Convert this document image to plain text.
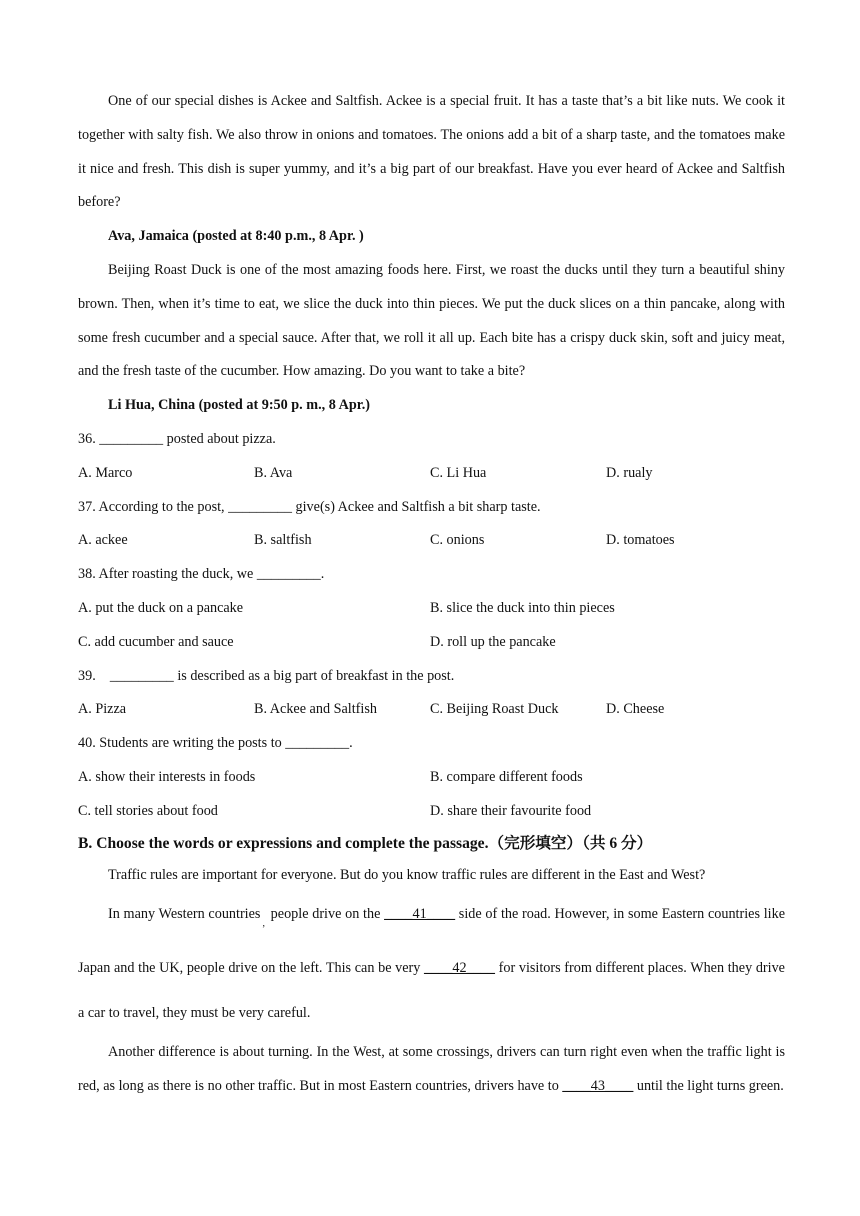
One of our special dishes is Ackee and Saltfish. Ackee is a special fruit. It has a taste that’s a bit like nuts. We cook it together with salty fish. We also throw in onions and tomatoes. The onions add a bit of a sharp taste, and the tomatoes make it nice and fresh. This dish is super yummy, and it’s a big part of our breakfast. Have you ever heard of Ackee and Saltfish before?

Ava, Jamaica (posted at 8:40 p.m., 8 Apr. )

Beijing Roast Duck is one of the most amazing foods here. First, we roast the ducks until they turn a beautiful shiny brown. Then, when it’s time to eat, we slice the duck into thin pieces. We put the duck slices on a thin pancake, along with some fresh cucumber and a special sauce. After that, we roll it all up. Each bite has a crispy duck skin, soft and juicy meat, and the fresh taste of the cucumber. How amazing. Do you want to take a bite?

Li Hua, China (posted at 9:50 p. m., 8 Apr.)

36. _________ posted about pizza.

A. Marco	B. Ava	C. Li Hua	D. rualy

37. According to the post, _________ give(s) Ackee and Saltfish a bit sharp taste.

A. ackee	B. saltfish	C. onions	D. tomatoes

38. After roasting the duck, we _________.

A. put the duck on a pancake	B. slice the duck into thin pieces
C. add cucumber and sauce	D. roll up the pancake

39.    _________ is described as a big part of breakfast in the post.

A. Pizza	B. Ackee and Saltfish	C. Beijing Roast Duck	D. Cheese

40. Students are writing the posts to _________.

A. show their interests in foods	B. compare different foods
C. tell stories about food	D. share their favourite food

B. Choose the words or expressions and complete the passage.（完形填空）（共 6 分）

Traffic rules are important for everyone. But do you know traffic rules are different in the East and West?

In many Western countries$_,$ people drive on the ____41____ side of the road. However, in some Eastern countries like Japan and the UK, people drive on the left. This can be very ____42____ for visitors from different places. When they drive a car to travel, they must be very careful.

Another difference is about turning. In the West, at some crossings, drivers can turn right even when the traffic light is red, as long as there is no other traffic. But in most Eastern countries, drivers have to ____43____ until the light turns green.
